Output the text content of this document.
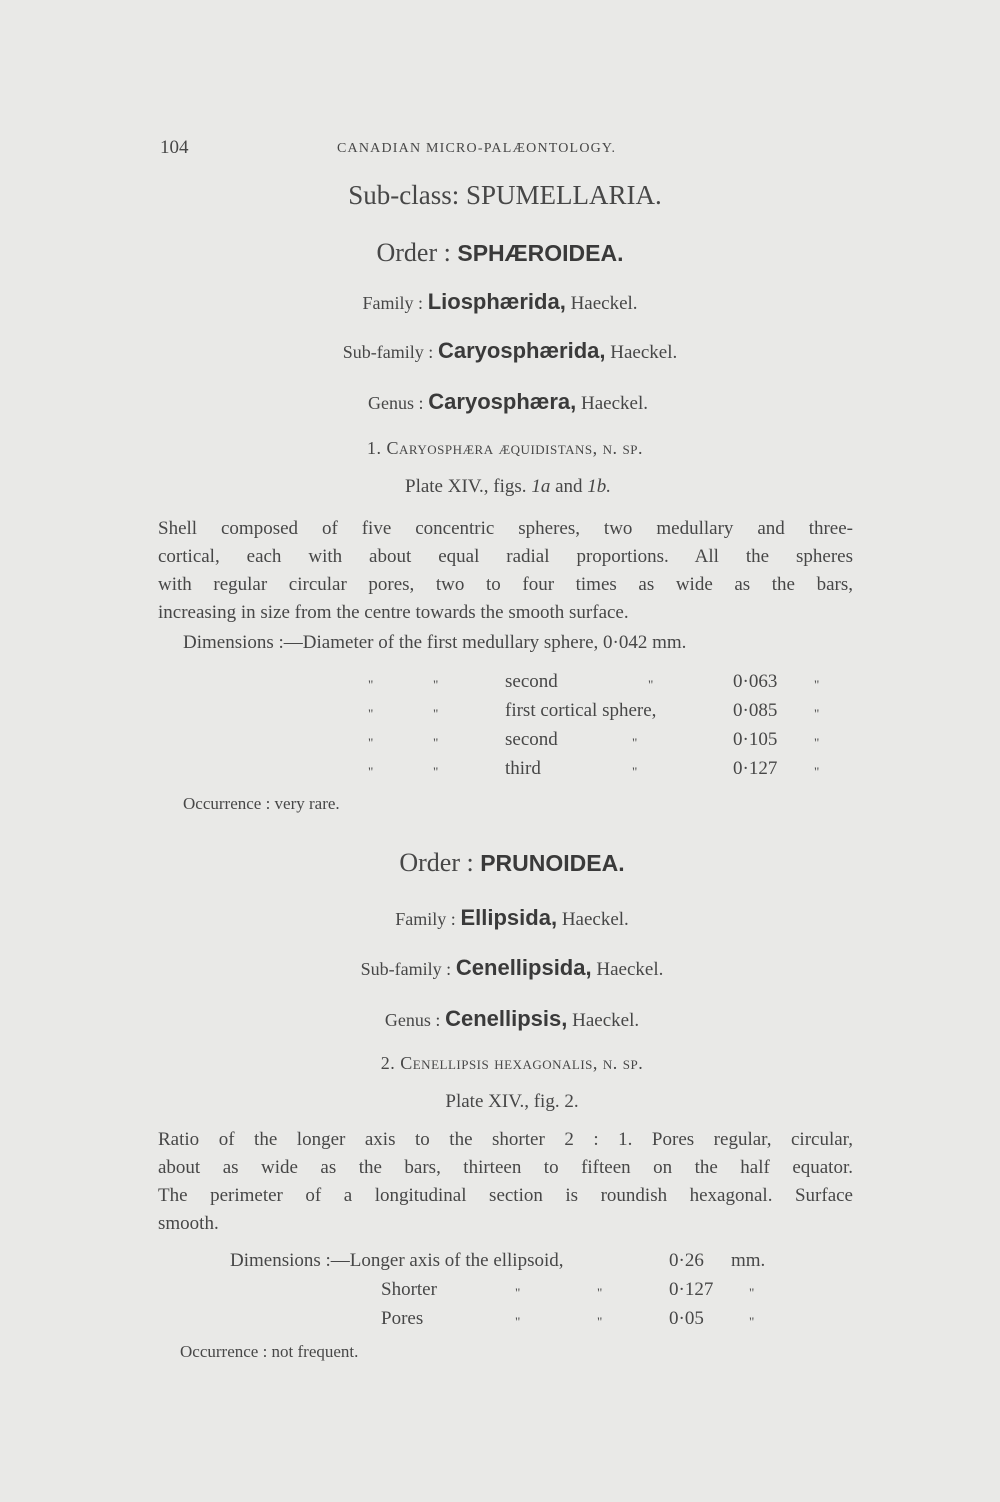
104	CANADIAN MICRO-PALÆONTOLOGY.
Sub-class: SPUMELLARIA.
Order : SPHÆROIDEA.
Family : Liosphærida, Haeckel.
Sub-family : Caryosphærida, Haeckel.
Genus : Caryosphæra, Haeckel.
1. Caryosphæra æquidistans, n. sp.
Plate XIV., figs. 1a and 1b.
Shell composed of five concentric spheres, two medullary and three-
cortical, each with about equal radial proportions. All the spheres
with regular circular pores, two to four times as wide as the bars,
increasing in size from the centre towards the smooth surface.
Dimensions :—Diameter of the first medullary sphere, 0·042 mm.
"	"	second	"	0·063	"
"	"	first cortical sphere,	0·085	"
"	"	second	"	0·105	"
"	"	third	"	0·127	"
Occurrence : very rare.
Order : PRUNOIDEA.
Family : Ellipsida, Haeckel.
Sub-family : Cenellipsida, Haeckel.
Genus : Cenellipsis, Haeckel.
2. Cenellipsis hexagonalis, n. sp.
Plate XIV., fig. 2.
Ratio of the longer axis to the shorter 2 : 1. Pores regular, circular,
about as wide as the bars, thirteen to fifteen on the half equator.
The perimeter of a longitudinal section is roundish hexagonal. Surface
smooth.
Dimensions :—Longer axis of the ellipsoid,	0·26 mm.
Shorter	"	"	0·127	"
Pores	"	"	0·05	"
Occurrence : not frequent.
